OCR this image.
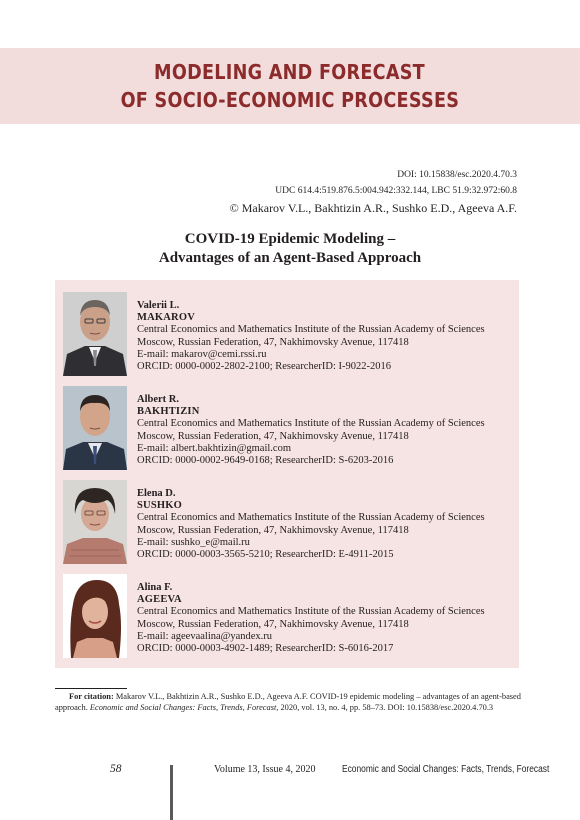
MODELING AND FORECAST
OF SOCIO-ECONOMIC PROCESSES
DOI: 10.15838/esc.2020.4.70.3
UDC 614.4:519.876.5:004.942:332.144, LBC 51.9:32.972:60.8
© Makarov V.L., Bakhtizin A.R., Sushko E.D., Ageeva A.F.
COVID-19 Epidemic Modeling –
Advantages of an Agent-Based Approach
Valerii L.
MAKAROV
Central Economics and Mathematics Institute of the Russian Academy of Sciences
Moscow, Russian Federation, 47, Nakhimovsky Avenue, 117418
E-mail: makarov@cemi.rssi.ru
ORCID: 0000-0002-2802-2100; ResearcherID: I-9022-2016
Albert R.
BAKHTIZIN
Central Economics and Mathematics Institute of the Russian Academy of Sciences
Moscow, Russian Federation, 47, Nakhimovsky Avenue, 117418
E-mail: albert.bakhtizin@gmail.com
ORCID: 0000-0002-9649-0168; ResearcherID: S-6203-2016
Elena D.
SUSHKO
Central Economics and Mathematics Institute of the Russian Academy of Sciences
Moscow, Russian Federation, 47, Nakhimovsky Avenue, 117418
E-mail: sushko_e@mail.ru
ORCID: 0000-0003-3565-5210; ResearcherID: E-4911-2015
Alina F.
AGEEVA
Central Economics and Mathematics Institute of the Russian Academy of Sciences
Moscow, Russian Federation, 47, Nakhimovsky Avenue, 117418
E-mail: ageevaalina@yandex.ru
ORCID: 0000-0003-4902-1489; ResearcherID: S-6016-2017
For citation: Makarov V.L., Bakhtizin A.R., Sushko E.D., Ageeva A.F. COVID-19 epidemic modeling – advantages of an agent-based approach. Economic and Social Changes: Facts, Trends, Forecast, 2020, vol. 13, no. 4, pp. 58–73. DOI: 10.15838/esc.2020.4.70.3
58	Volume 13, Issue 4, 2020	Economic and Social Changes: Facts, Trends, Forecast
